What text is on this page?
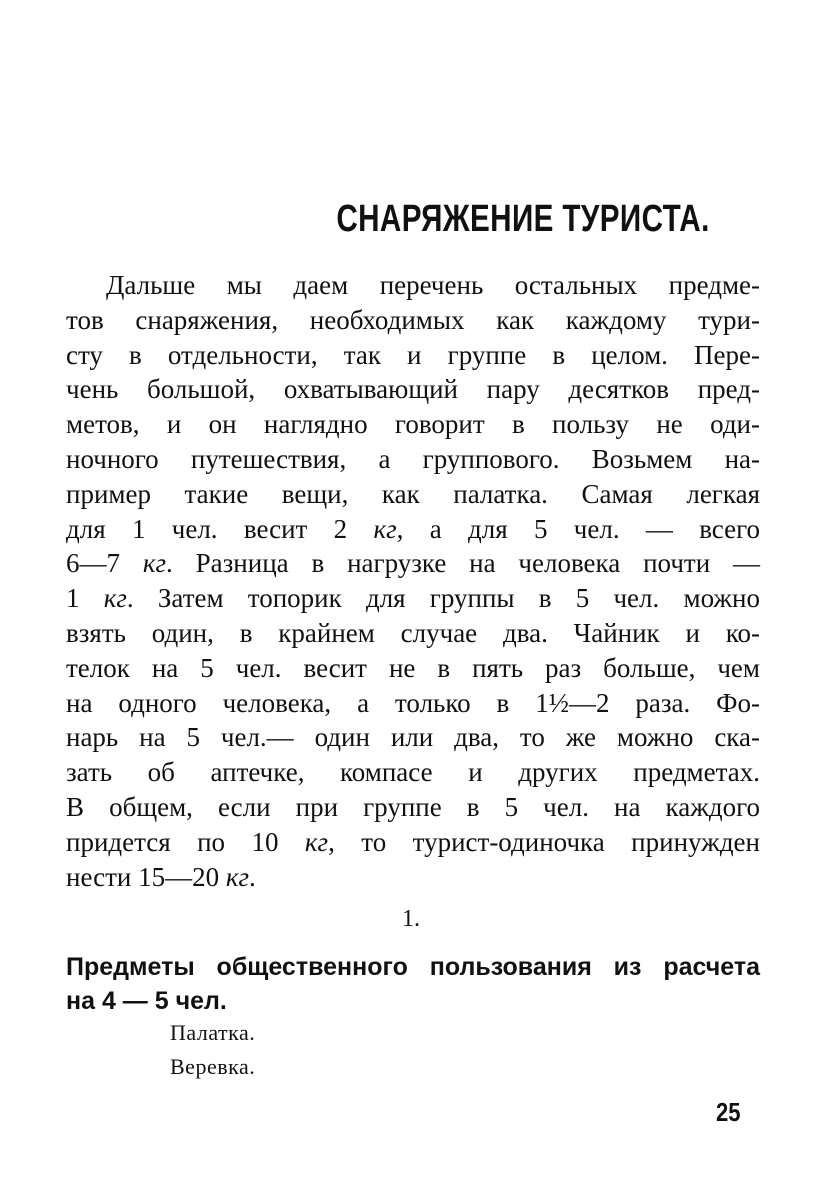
СНАРЯЖЕНИЕ ТУРИСТА.
Дальше мы даем перечень остальных предме-
тов снаряжения, необходимых как каждому тури-
сту в отдельности, так и группе в целом. Пере-
чень большой, охватывающий пару десятков пред-
метов, и он наглядно говорит в пользу не оди-
ночного путешествия, а группового. Возьмем на-
пример такие вещи, как палатка. Самая легкая
для 1 чел. весит 2 кг, а для 5 чел. — всего
6—7 кг. Разница в нагрузке на человека почти —
1 кг. Затем топорик для группы в 5 чел. можно
взять один, в крайнем случае два. Чайник и ко-
телок на 5 чел. весит не в пять раз больше, чем
на одного человека, а только в 1½—2 раза. Фо-
нарь на 5 чел.— один или два, то же можно ска-
зать об аптечке, компасе и других предметах.
В общем, если при группе в 5 чел. на каждого
придется по 10 кг, то турист-одиночка принужден
нести 15—20 кг.
1.
Предметы общественного пользования из расчета
на 4 — 5 чел.
Палатка.
Веревка.
25
